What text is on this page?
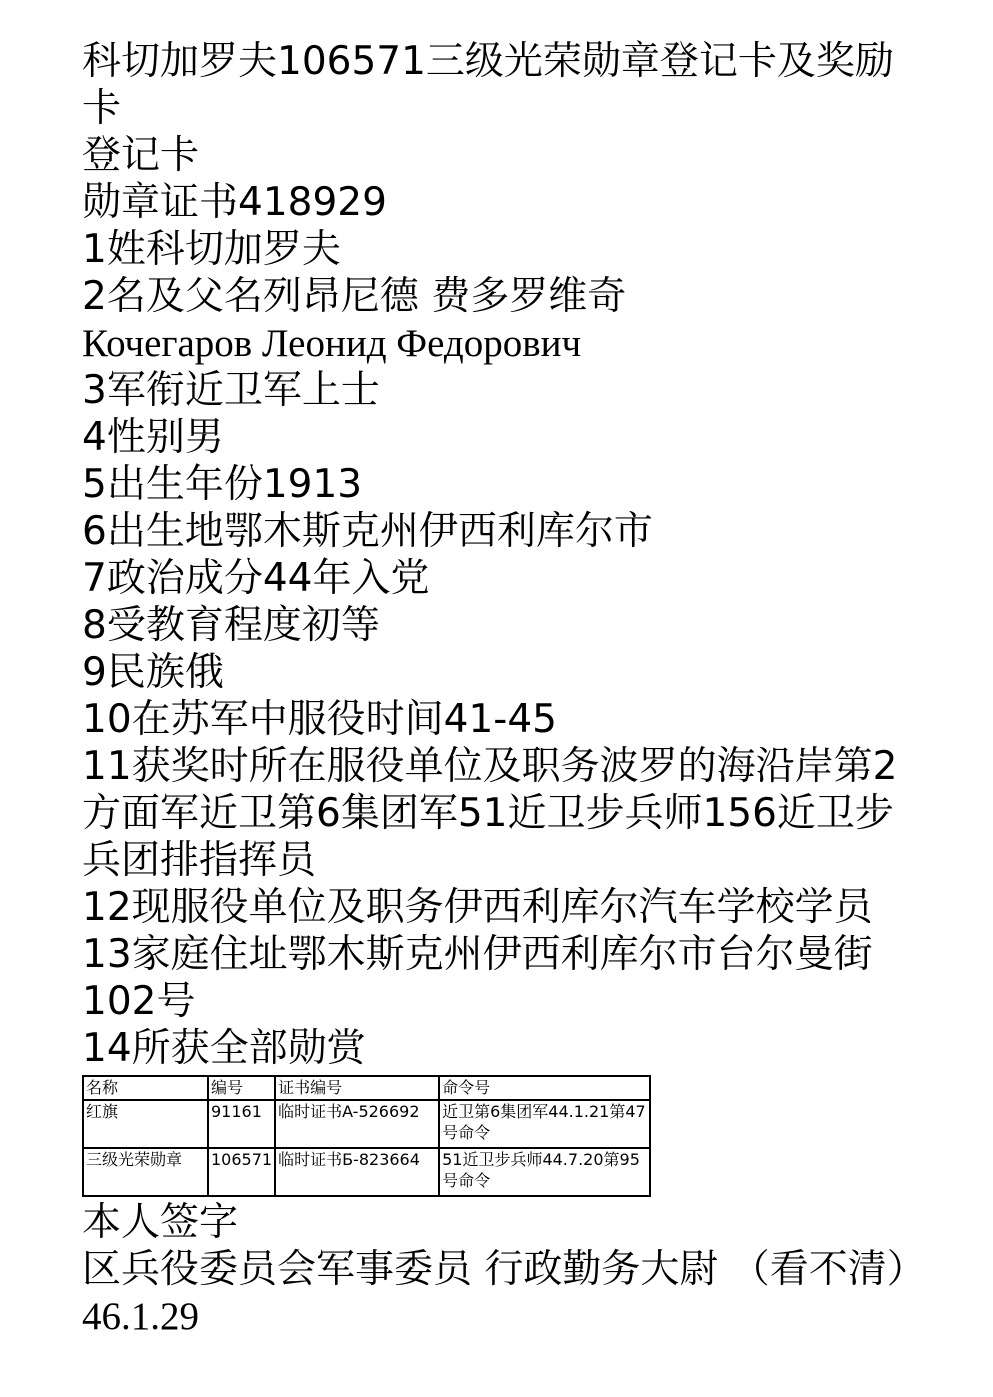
科切加罗夫106571三级光荣勋章登记卡及奖励卡

登记卡

勋章证书418929

1姓科切加罗夫

2名及父名列昂尼德 费多罗维奇

Кочегаров Леонид Федорович

3军衔近卫军上士

4性别男

5出生年份1913

6出生地鄂木斯克州伊西利库尔市

7政治成分44年入党

8受教育程度初等

9民族俄

10在苏军中服役时间41-45

11获奖时所在服役单位及职务波罗的海沿岸第2方面军近卫第6集团军51近卫步兵师156近卫步兵团排指挥员

12现服役单位及职务伊西利库尔汽车学校学员

13家庭住址鄂木斯克州伊西利库尔市台尔曼街102号

14所获全部勋赏

名称	编号	证书编号	命令号
红旗	91161	临时证书A-526692	近卫第6集团军44.1.21第47号命令
三级光荣勋章	106571	临时证书Б-823664	51近卫步兵师44.7.20第95号命令

本人签字

区兵役委员会军事委员 行政勤务大尉 （看不清）

46.1.29
